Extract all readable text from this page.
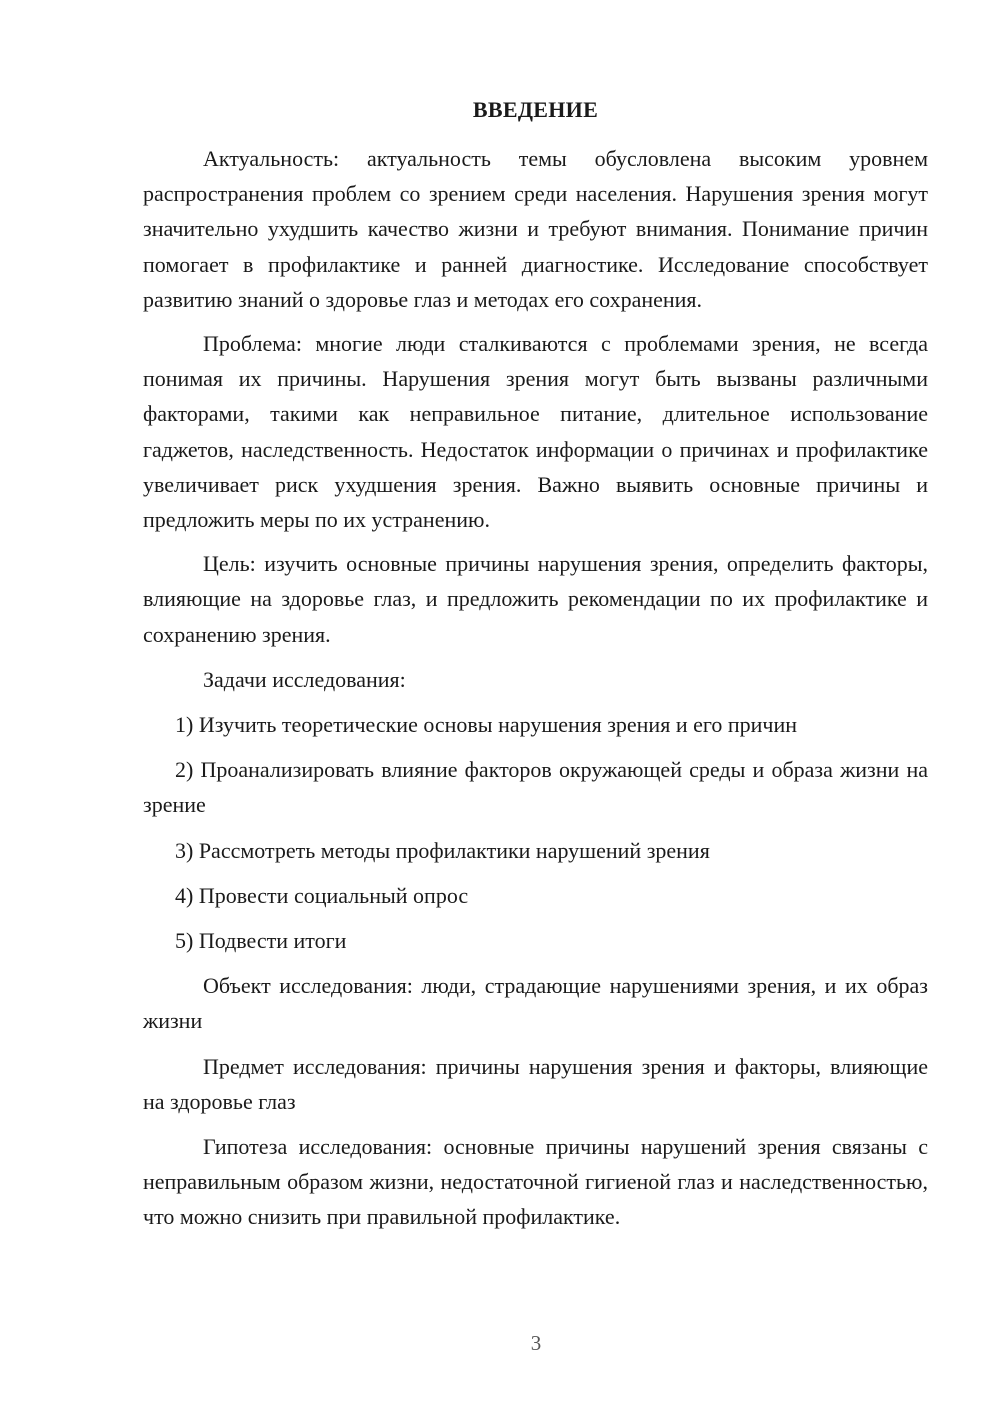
ВВЕДЕНИЕ

Актуальность: актуальность темы обусловлена высоким уровнем распространения проблем со зрением среди населения. Нарушения зрения могут значительно ухудшить качество жизни и требуют внимания. Понимание причин помогает в профилактике и ранней диагностике. Исследование способствует развитию знаний о здоровье глаз и методах его сохранения.

Проблема: многие люди сталкиваются с проблемами зрения, не всегда понимая их причины. Нарушения зрения могут быть вызваны различными факторами, такими как неправильное питание, длительное использование гаджетов, наследственность. Недостаток информации о причинах и профилактике увеличивает риск ухудшения зрения. Важно выявить основные причины и предложить меры по их устранению.

Цель: изучить основные причины нарушения зрения, определить факторы, влияющие на здоровье глаз, и предложить рекомендации по их профилактике и сохранению зрения.

Задачи исследования:

1) Изучить теоретические основы нарушения зрения и его причин

2) Проанализировать влияние факторов окружающей среды и образа жизни на зрение

3) Рассмотреть методы профилактики нарушений зрения

4) Провести социальный опрос

5) Подвести итоги

Объект исследования: люди, страдающие нарушениями зрения, и их образ жизни

Предмет исследования: причины нарушения зрения и факторы, влияющие на здоровье глаз

Гипотеза исследования: основные причины нарушений зрения связаны с неправильным образом жизни, недостаточной гигиеной глаз и наследственностью, что можно снизить при правильной профилактике.

3
